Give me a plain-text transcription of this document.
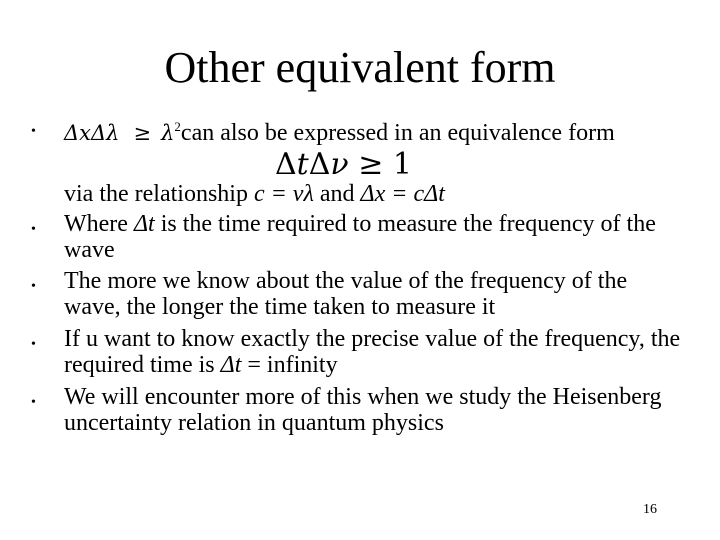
Other equivalent form
• $\Delta x\Delta\lambda \ge \lambda^2can$ also be expressed in an equivalence form
ΔtΔν ≥ 1
via the relationship c = νλ and Δx = cΔt
• Where Δt is the time required to measure the frequency of the wave
• The more we know about the value of the frequency of the wave, the longer the time taken to measure it
• If u want to know exactly the precise value of the frequency, the required time is Δt = infinity
• We will encounter more of this when we study the Heisenberg uncertainty relation in quantum physics
16
